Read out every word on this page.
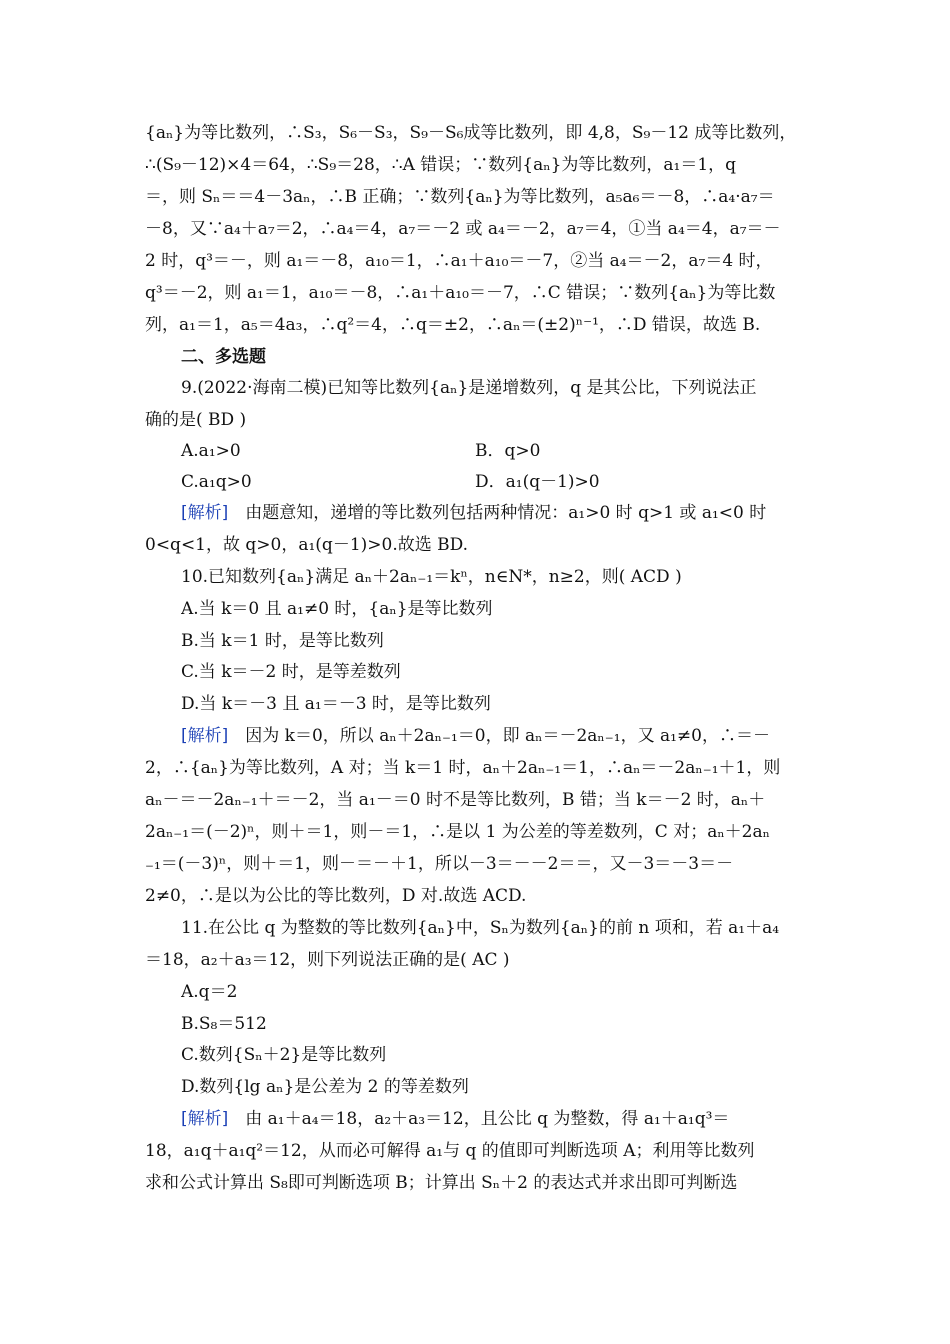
{aₙ}为等比数列，∴S₃，S₆－S₃，S₉－S₆成等比数列，即 4,8，S₉－12 成等比数列，
∴(S₉－12)×4＝64，∴S₉＝28，∴A 错误；∵数列{aₙ}为等比数列，a₁＝1，q
＝，则 Sₙ＝＝4－3aₙ，∴B 正确；∵数列{aₙ}为等比数列，a₅a₆＝－8，∴a₄·a₇＝
－8，又∵a₄＋a₇＝2，∴a₄＝4，a₇＝－2 或 a₄＝－2，a₇＝4，①当 a₄＝4，a₇＝－
2 时，q³＝－，则 a₁＝－8，a₁₀＝1，∴a₁＋a₁₀＝－7，②当 a₄＝－2，a₇＝4 时，
q³＝－2，则 a₁＝1，a₁₀＝－8，∴a₁＋a₁₀＝－7，∴C 错误；∵数列{aₙ}为等比数
列，a₁＝1，a₅＝4a₃，∴q²＝4，∴q＝±2，∴aₙ＝(±2)ⁿ⁻¹，∴D 错误，故选 B.
二、多选题
9.(2022·海南二模)已知等比数列{aₙ}是递增数列，q 是其公比，下列说法正
确的是( BD )
A.a₁>0	B．q>0
C.a₁q>0	D．a₁(q－1)>0
[解析]　由题意知，递增的等比数列包括两种情况：a₁>0 时 q>1 或 a₁<0 时
0<q<1，故 q>0，a₁(q－1)>0.故选 BD.
10.已知数列{aₙ}满足 aₙ＋2aₙ₋₁＝kⁿ，n∈N*，n≥2，则( ACD )
A.当 k＝0 且 a₁≠0 时，{aₙ}是等比数列
B.当 k＝1 时，是等比数列
C.当 k＝－2 时，是等差数列
D.当 k＝－3 且 a₁＝－3 时，是等比数列
[解析]　因为 k＝0，所以 aₙ＋2aₙ₋₁＝0，即 aₙ＝－2aₙ₋₁，又 a₁≠0，∴＝－
2，∴{aₙ}为等比数列，A 对；当 k＝1 时，aₙ＋2aₙ₋₁＝1，∴aₙ＝－2aₙ₋₁＋1，则
aₙ－＝－2aₙ₋₁＋＝－2，当 a₁－＝0 时不是等比数列，B 错；当 k＝－2 时，aₙ＋
2aₙ₋₁＝(－2)ⁿ，则＋＝1，则－＝1，∴是以 1 为公差的等差数列，C 对；aₙ＋2aₙ
₋₁＝(－3)ⁿ，则＋＝1，则－＝－＋1，所以－3＝－－2＝＝，又－3＝－3＝－
2≠0，∴是以为公比的等比数列，D 对.故选 ACD.
11.在公比 q 为整数的等比数列{aₙ}中，Sₙ为数列{aₙ}的前 n 项和，若 a₁＋a₄
＝18，a₂＋a₃＝12，则下列说法正确的是( AC )
A.q＝2
B.S₈＝512
C.数列{Sₙ＋2}是等比数列
D.数列{lg aₙ}是公差为 2 的等差数列
[解析]　由 a₁＋a₄＝18，a₂＋a₃＝12，且公比 q 为整数，得 a₁＋a₁q³＝
18，a₁q＋a₁q²＝12，从而必可解得 a₁与 q 的值即可判断选项 A；利用等比数列
求和公式计算出 S₈即可判断选项 B；计算出 Sₙ＋2 的表达式并求出即可判断选
